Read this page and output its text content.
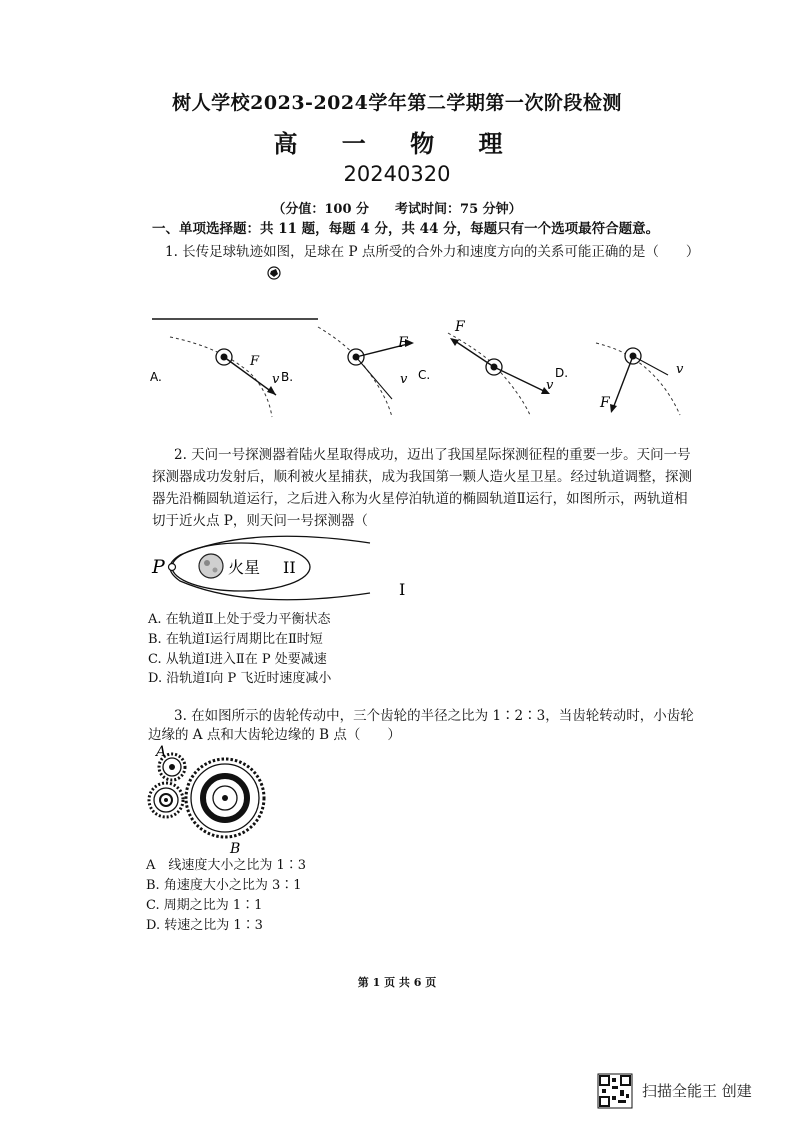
树人学校2023-2024学年第二学期第一次阶段检测
高 一 物 理
20240320
（分值：100 分　　考试时间：75 分钟）
一、单项选择题：共 11 题，每题 4 分，共 44 分，每题只有一个选项最符合题意。
1. 长传足球轨迹如图，足球在 P 点所受的合外力和速度方向的关系可能正确的是（　　）
A.
F
v B.
F
v C.
F
v
D.
F
v
2. 天问一号探测器着陆火星取得成功，迈出了我国星际探测征程的重要一步。天问一号
探测器成功发射后，顺利被火星捕获，成为我国第一颗人造火星卫星。经过轨道调整，探测
器先沿椭圆轨道运行，之后进入称为火星停泊轨道的椭圆轨道Ⅱ运行，如图所示，两轨道相
切于近火点 P，则天问一号探测器（
P	火星 II
I
A. 在轨道Ⅱ上处于受力平衡状态
B. 在轨道Ⅰ运行周期比在Ⅱ时短
C. 从轨道Ⅰ进入Ⅱ在 P 处要减速
D. 沿轨道Ⅰ向 P 飞近时速度减小
3. 在如图所示的齿轮传动中，三个齿轮的半径之比为 1∶2∶3，当齿轮转动时，小齿轮
边缘的 A 点和大齿轮边缘的 B 点（　　）
A
B
A　线速度大小之比为 1∶3
B. 角速度大小之比为 3∶1
C. 周期之比为 1∶1
D. 转速之比为 1∶3
第 1 页 共 6 页
扫描全能王 创建
